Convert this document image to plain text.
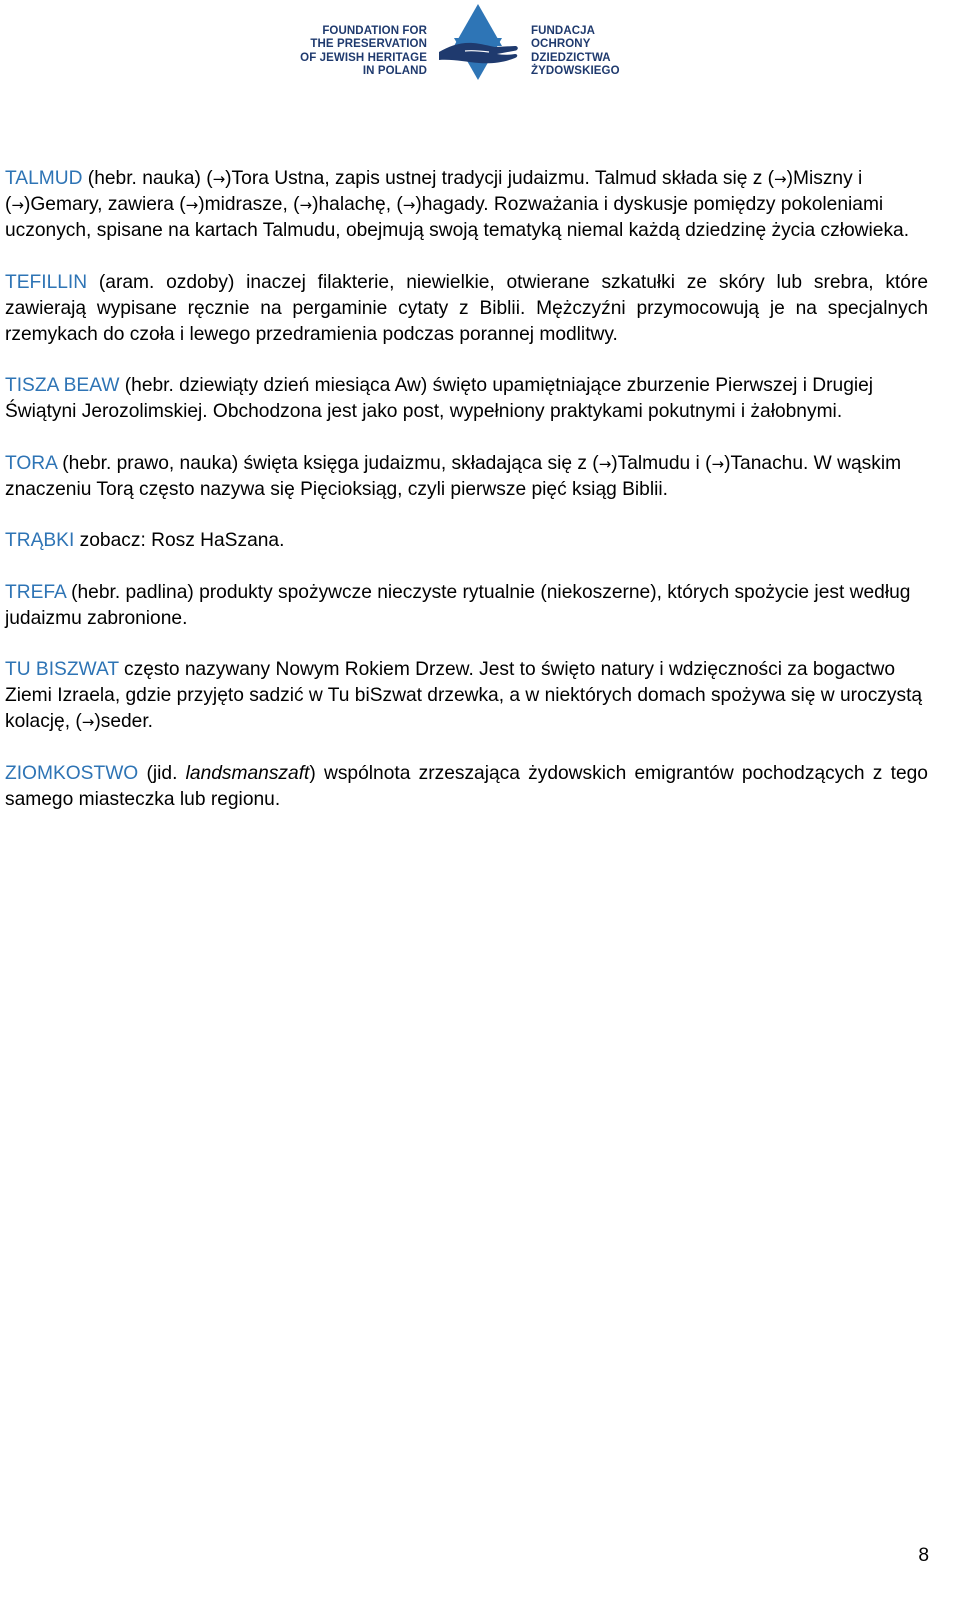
FOUNDATION FOR
THE PRESERVATION
OF JEWISH HERITAGE
IN POLAND
FUNDACJA
OCHRONY
DZIEDZICTWA
ŻYDOWSKIEGO

TALMUD (hebr. nauka) (→)Tora Ustna, zapis ustnej tradycji judaizmu. Talmud składa się z (→)Miszny i (→)Gemary, zawiera (→)midrasze, (→)halachę, (→)hagady. Rozważania i dyskusje pomiędzy pokoleniami uczonych, spisane na kartach Talmudu, obejmują swoją tematyką niemal każdą dziedzinę życia człowieka.

TEFILLIN (aram. ozdoby) inaczej filakterie, niewielkie, otwierane szkatułki ze skóry lub srebra, które zawierają wypisane ręcznie na pergaminie cytaty z Biblii. Mężczyźni przymocowują je na specjalnych rzemykach do czoła i lewego przedramienia podczas porannej modlitwy.

TISZA BEAW (hebr. dziewiąty dzień miesiąca Aw) święto upamiętniające zburzenie Pierwszej i Drugiej Świątyni Jerozolimskiej. Obchodzona jest jako post, wypełniony praktykami pokutnymi i żałobnymi.

TORA (hebr. prawo, nauka) święta księga judaizmu, składająca się z (→)Talmudu i (→)Tanachu. W wąskim znaczeniu Torą często nazywa się Pięcioksiąg, czyli pierwsze pięć ksiąg Biblii.

TRĄBKI zobacz: Rosz HaSzana.

TREFA (hebr. padlina) produkty spożywcze nieczyste rytualnie (niekoszerne), których spożycie jest według judaizmu zabronione.

TU BISZWAT często nazywany Nowym Rokiem Drzew. Jest to święto natury i wdzięczności za bogactwo Ziemi Izraela, gdzie przyjęto sadzić w Tu biSzwat drzewka, a w niektórych domach spożywa się w uroczystą kolację, (→)seder.

ZIOMKOSTWO (jid. landsmanszaft) wspólnota zrzeszająca żydowskich emigrantów pochodzących z tego samego miasteczka lub regionu.

8
